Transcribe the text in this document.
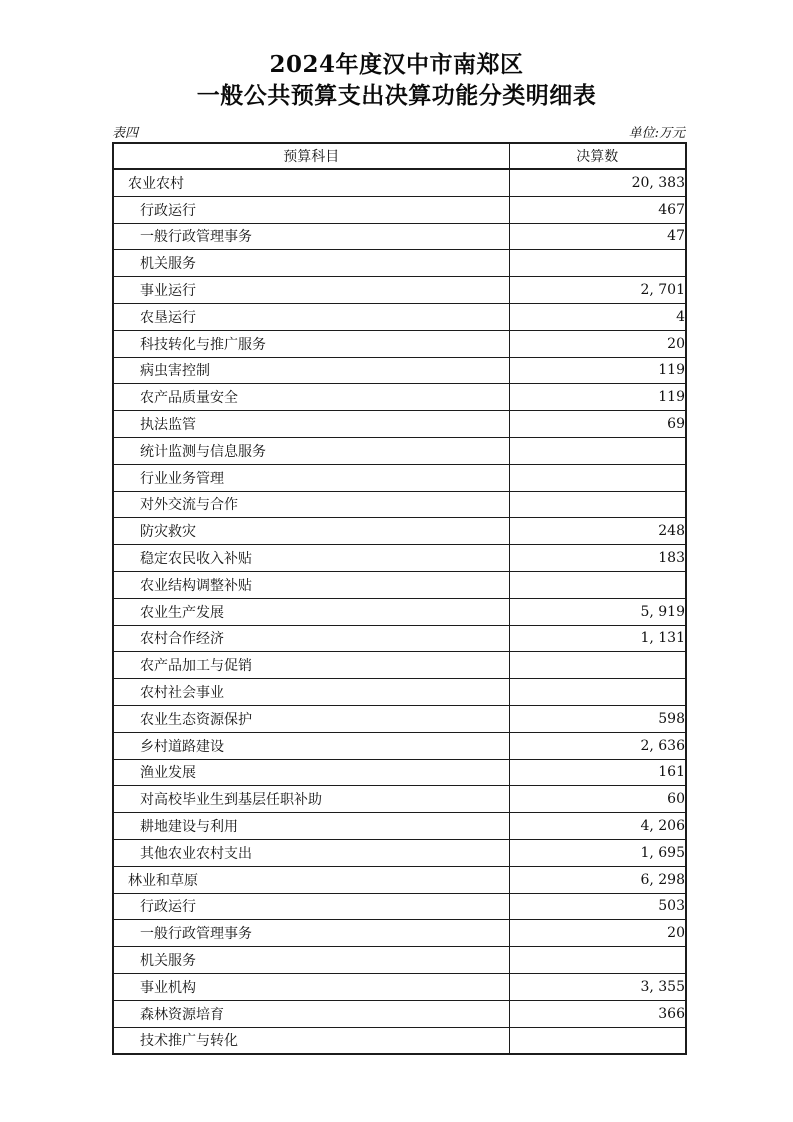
2024年度汉中市南郑区
一般公共预算支出决算功能分类明细表
表四	单位:万元
预算科目	决算数
农业农村	20, 383
行政运行	467
一般行政管理事务	47
机关服务	
事业运行	2, 701
农垦运行	4
科技转化与推广服务	20
病虫害控制	119
农产品质量安全	119
执法监管	69
统计监测与信息服务	
行业业务管理	
对外交流与合作	
防灾救灾	248
稳定农民收入补贴	183
农业结构调整补贴	
农业生产发展	5, 919
农村合作经济	1, 131
农产品加工与促销	
农村社会事业	
农业生态资源保护	598
乡村道路建设	2, 636
渔业发展	161
对高校毕业生到基层任职补助	60
耕地建设与利用	4, 206
其他农业农村支出	1, 695
林业和草原	6, 298
行政运行	503
一般行政管理事务	20
机关服务	
事业机构	3, 355
森林资源培育	366
技术推广与转化	
